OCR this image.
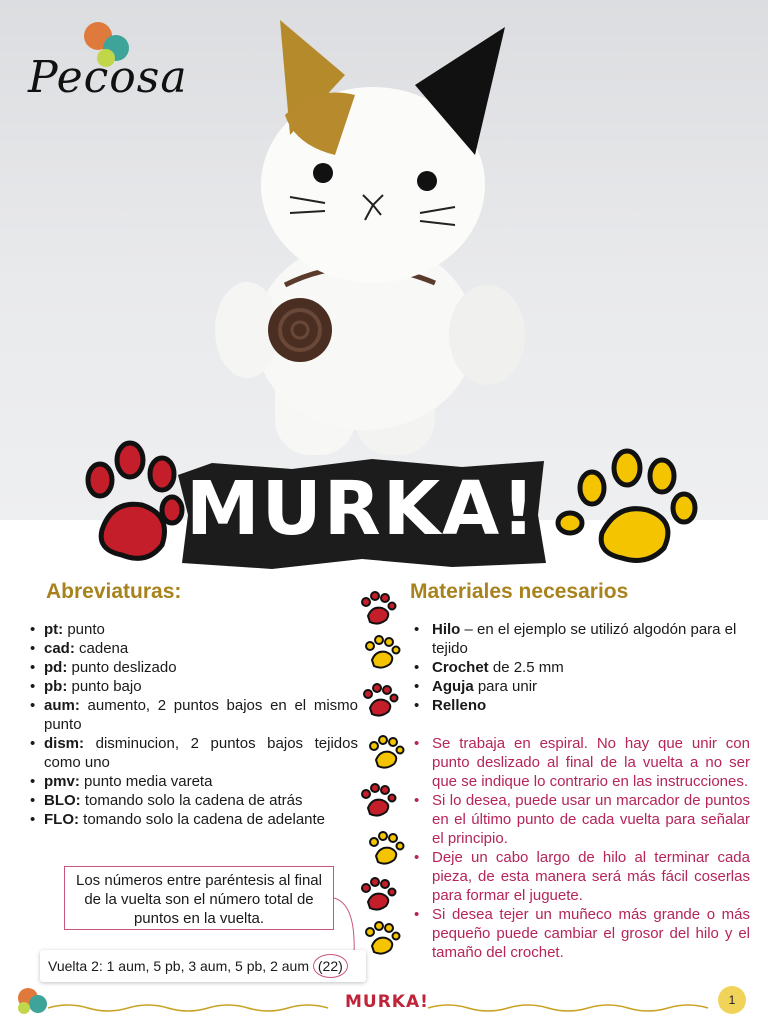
Pecosa
MURKA!
Abreviaturas:
• pt: punto
• cad: cadena
• pd: punto deslizado
• pb: punto bajo
• aum: aumento, 2 puntos bajos en el mismo punto
• dism: disminucion, 2 puntos bajos tejidos como uno
• pmv: punto media vareta
• BLO: tomando solo la cadena de atrás
• FLO: tomando solo la cadena de adelante
Materiales necesarios
• Hilo – en el ejemplo se utilizó algodón para el tejido
• Crochet de 2.5 mm
• Aguja para unir
• Relleno
• Se trabaja en espiral. No hay que unir con punto deslizado al final de la vuelta a no ser que se indique lo contrario en las instrucciones.
• Si lo desea, puede usar un marcador de puntos en el último punto de cada vuelta para señalar el principio.
• Deje un cabo largo de hilo al terminar cada pieza, de esta manera será más fácil coserlas para formar el juguete.
• Si desea tejer un muñeco más grande o más pequeño puede cambiar el grosor del hilo y el tamaño del crochet.
Los números entre paréntesis al final de la vuelta son el número total de puntos en la vuelta.
Vuelta 2: 1 aum, 5 pb, 3 aum, 5 pb, 2 aum (22)
MURKA!	1
